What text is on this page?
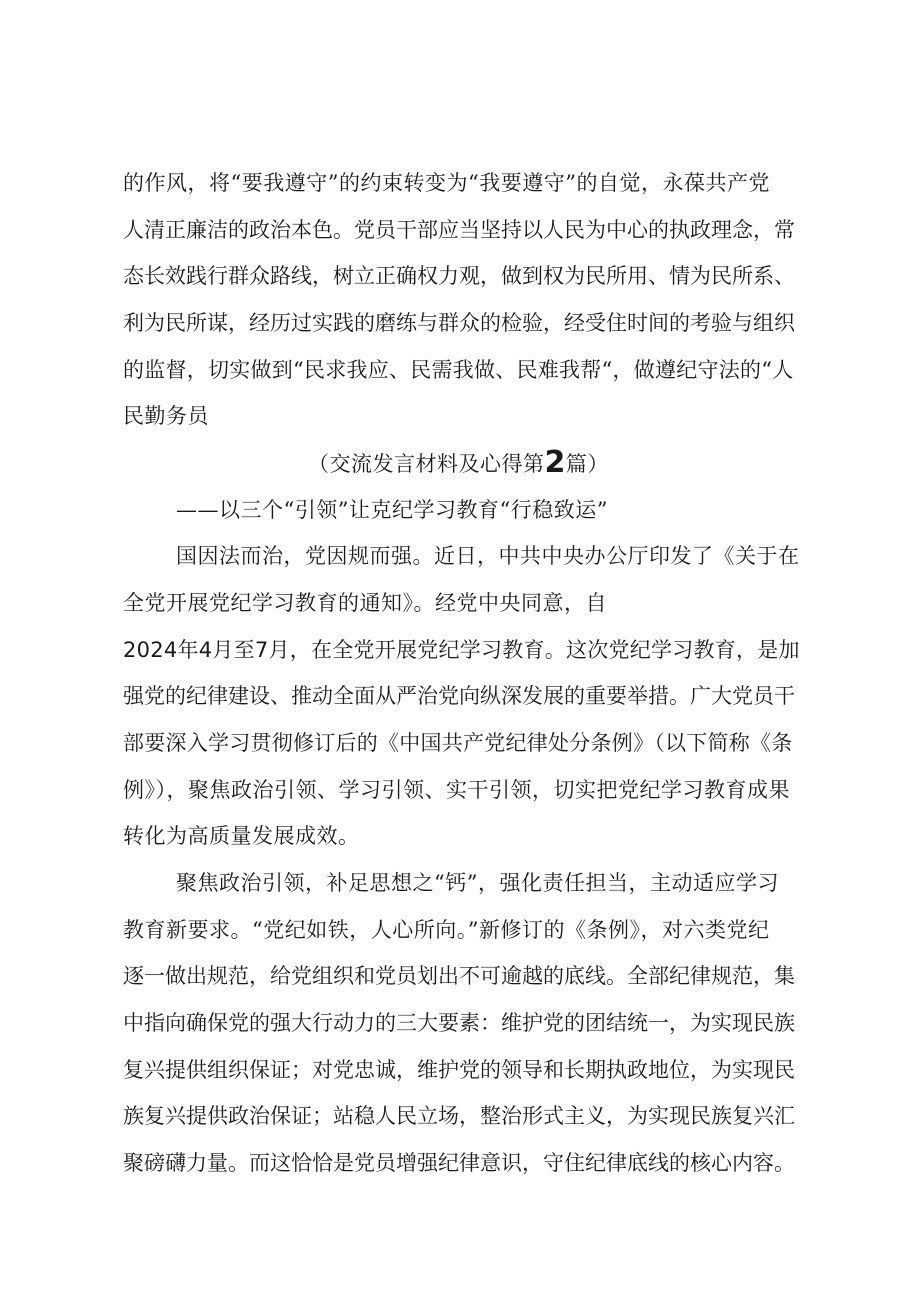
的作风，将“要我遵守”的约束转变为“我要遵守”的自觉，永葆共产党
人清正廉洁的政治本色。党员干部应当坚持以人民为中心的执政理念，常
态长效践行群众路线，树立正确权力观，做到权为民所用、情为民所系、
利为民所谋，经历过实践的磨练与群众的检验，经受住时间的考验与组织
的监督，切实做到“民求我应、民需我做、民难我帮“，做遵纪守法的“人
民勤务员
（交流发言材料及心得第2篇）
——以三个“引领”让克纪学习教育“行稳致运”
国因法而治，党因规而强。近日，中共中央办公厅印发了《关于在
全党开展党纪学习教育的通知》。经党中央同意，自
2024年4月至7月，在全党开展党纪学习教育。这次党纪学习教育，是加
强党的纪律建设、推动全面从严治党向纵深发展的重要举措。广大党员干
部要深入学习贯彻修订后的《中国共产党纪律处分条例》（以下简称《条
例》），聚焦政治引领、学习引领、实干引领，切实把党纪学习教育成果
转化为高质量发展成效。
聚焦政治引领，补足思想之“钙”，强化责任担当，主动适应学习
教育新要求。“党纪如铁，人心所向。”新修订的《条例》，对六类党纪
逐一做出规范，给党组织和党员划出不可逾越的底线。全部纪律规范，集
中指向确保党的强大行动力的三大要素：维护党的团结统一，为实现民族
复兴提供组织保证；对党忠诚，维护党的领导和长期执政地位，为实现民
族复兴提供政治保证；站稳人民立场，整治形式主义，为实现民族复兴汇
聚磅礴力量。而这恰恰是党员增强纪律意识，守住纪律底线的核心内容。
